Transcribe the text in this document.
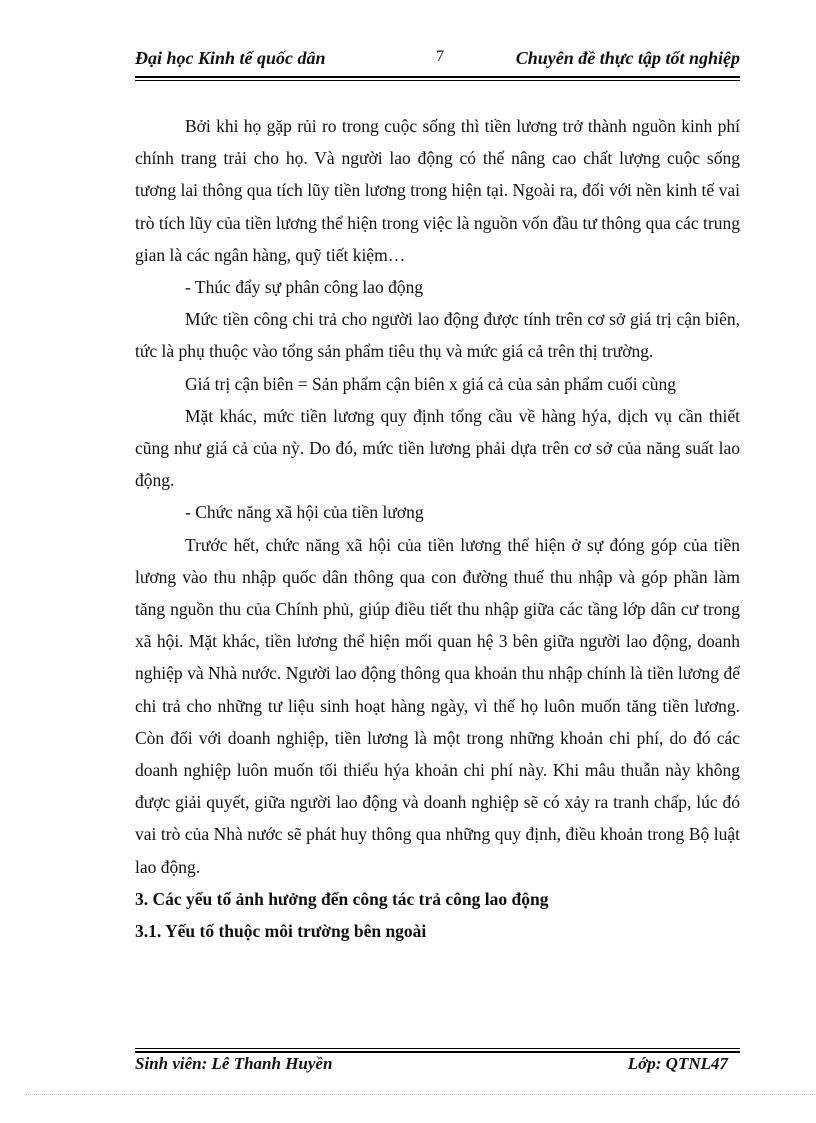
Đại học Kinh tế quốc dân	7	Chuyên đề thực tập tốt nghiệp

Bởi khi họ gặp rủi ro trong cuộc sống thì tiền lương trở thành nguồn kinh phí chính trang trải cho họ. Và người lao động có thể nâng cao chất lượng cuộc sống tương lai thông qua tích lũy tiền lương trong hiện tại. Ngoài ra, đối với nền kinh tế vai trò tích lũy của tiền lương thể hiện trong việc là nguồn vốn đầu tư thông qua các trung gian là các ngân hàng, quỹ tiết kiệm…

- Thúc đẩy sự phân công lao động

Mức tiền công chi trả cho người lao động được tính trên cơ sở giá trị cận biên, tức là phụ thuộc vào tổng sản phẩm tiêu thụ và mức giá cả trên thị trường.

Giá trị cận biên = Sản phẩm cận biên x giá cả của sản phẩm cuối cùng

Mặt khác, mức tiền lương quy định tổng cầu về hàng hýa, dịch vụ cần thiết cũng như giá cả của nỳ. Do đó, mức tiền lương phải dựa trên cơ sở của năng suất lao động.

- Chức năng xã hội của tiền lương

Trước hết, chức năng xã hội của tiền lương thể hiện ở sự đóng góp của tiền lương vào thu nhập quốc dân thông qua con đường thuế thu nhập và góp phần làm tăng nguồn thu của Chính phủ, giúp điều tiết thu nhập giữa các tầng lớp dân cư trong xã hội. Mặt khác, tiền lương thể hiện mối quan hệ 3 bên giữa người lao động, doanh nghiệp và Nhà nước. Người lao động thông qua khoản thu nhập chính là tiền lương để chi trả cho những tư liệu sinh hoạt hàng ngày, vì thế họ luôn muốn tăng tiền lương. Còn đối với doanh nghiệp, tiền lương là một trong những khoản chi phí, do đó các doanh nghiệp luôn muốn tối thiểu hýa khoản chi phí này. Khi mâu thuẫn này không được giải quyết, giữa người lao động và doanh nghiệp sẽ có xảy ra tranh chấp, lúc đó vai trò của Nhà nước sẽ phát huy thông qua những quy định, điều khoản trong Bộ luật lao động.

3. Các yếu tố ảnh hưởng đến công tác trả công lao động

3.1. Yếu tố thuộc môi trường bên ngoài

Sinh viên: Lê Thanh Huyền	Lớp: QTNL47
